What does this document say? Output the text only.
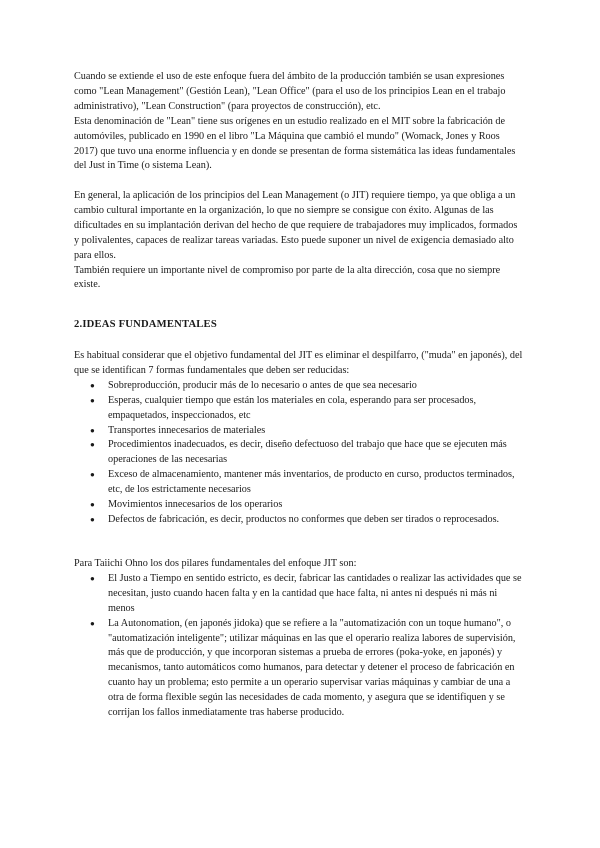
Cuando se extiende el uso de este enfoque fuera del ámbito de la producción también se usan expresiones como "Lean Management" (Gestión Lean), "Lean Office" (para el uso de los principios Lean en el trabajo administrativo), "Lean Construction" (para proyectos de construcción), etc.

Esta denominación de "Lean" tiene sus orígenes en un estudio realizado en el MIT sobre la fabricación de automóviles, publicado en 1990 en el libro "La Máquina que cambió el mundo" (Womack, Jones y Roos 2017) que tuvo una enorme influencia y en donde se presentan de forma sistemática las ideas fundamentales del Just in Time (o sistema Lean).

En general, la aplicación de los principios del Lean Management (o JIT) requiere tiempo, ya que obliga a un cambio cultural importante en la organización, lo que no siempre se consigue con éxito. Algunas de las dificultades en su implantación derivan del hecho de que requiere de trabajadores muy implicados, formados y polivalentes, capaces de realizar tareas variadas. Esto puede suponer un nivel de exigencia demasiado alto para ellos.

También requiere un importante nivel de compromiso por parte de la alta dirección, cosa que no siempre existe.

2.IDEAS FUNDAMENTALES

Es habitual considerar que el objetivo fundamental del JIT es eliminar el despilfarro, ("muda" en japonés), del que se identifican 7 formas fundamentales que deben ser reducidas:

● Sobreproducción, producir más de lo necesario o antes de que sea necesario
● Esperas, cualquier tiempo que están los materiales en cola, esperando para ser procesados, empaquetados, inspeccionados, etc
● Transportes innecesarios de materiales
● Procedimientos inadecuados, es decir, diseño defectuoso del trabajo que hace que se ejecuten más operaciones de las necesarias
● Exceso de almacenamiento, mantener más inventarios, de producto en curso, productos terminados, etc, de los estrictamente necesarios
● Movimientos innecesarios de los operarios
● Defectos de fabricación, es decir, productos no conformes que deben ser tirados o reprocesados.

Para Taiichi Ohno los dos pilares fundamentales del enfoque JIT son:

● El Justo a Tiempo en sentido estricto, es decir, fabricar las cantidades o realizar las actividades que se necesitan, justo cuando hacen falta y en la cantidad que hace falta, ni antes ni después ni más ni menos
● La Autonomation, (en japonés jidoka) que se refiere a la "automatización con un toque humano", o "automatización inteligente"; utilizar máquinas en las que el operario realiza labores de supervisión, más que de producción, y que incorporan sistemas a prueba de errores (poka-yoke, en japonés) y mecanismos, tanto automáticos como humanos, para detectar y detener el proceso de fabricación en cuanto hay un problema; esto permite a un operario supervisar varias máquinas y cambiar de una a otra de forma flexible según las necesidades de cada momento, y asegura que se identifiquen y se corrijan los fallos inmediatamente tras haberse producido.
